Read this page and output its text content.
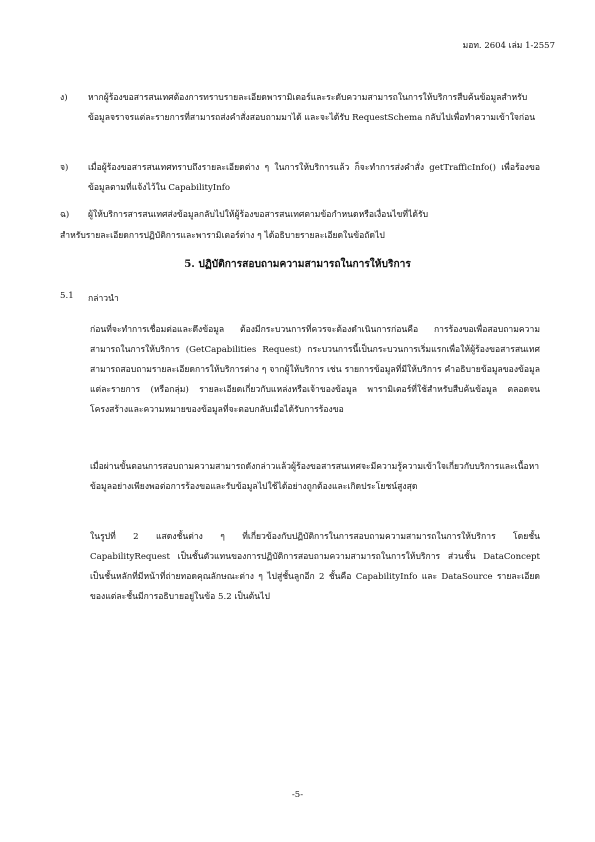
มอท. 2604 เล่ม 1-2557
ง)	หากผู้ร้องขอสารสนเทศต้องการทราบรายละเอียดพารามิเตอร์และระดับความสามารถในการให้บริการสืบค้นข้อมูลสำหรับข้อมูลจราจรแต่ละรายการที่สามารถส่งคำสั่งสอบถามมาได้ และจะได้รับ RequestSchema กลับไปเพื่อทำความเข้าใจก่อน
จ)	เมื่อผู้ร้องขอสารสนเทศทราบถึงรายละเอียดต่าง ๆ ในการให้บริการแล้ว ก็จะทำการส่งคำสั่ง getTrafficInfo() เพื่อร้องขอข้อมูลตามที่แจ้งไว้ใน CapabilityInfo
ฉ)	ผู้ให้บริการสารสนเทศส่งข้อมูลกลับไปให้ผู้ร้องขอสารสนเทศตามข้อกำหนดหรือเงื่อนไขที่ได้รับ
สำหรับรายละเอียดการปฏิบัติการและพารามิเตอร์ต่าง ๆ ได้อธิบายรายละเอียดในข้อถัดไป
5. ปฏิบัติการสอบถามความสามารถในการให้บริการ
5.1	กล่าวนำ
ก่อนที่จะทำการเชื่อมต่อและดึงข้อมูล ต้องมีกระบวนการที่ควรจะต้องดำเนินการก่อนคือ การร้องขอเพื่อสอบถามความสามารถในการให้บริการ (GetCapabilities Request) กระบวนการนี้เป็นกระบวนการเริ่มแรกเพื่อให้ผู้ร้องขอสารสนเทศสามารถสอบถามรายละเอียดการให้บริการต่าง ๆ จากผู้ให้บริการ เช่น รายการข้อมูลที่มีให้บริการ คำอธิบายข้อมูลของข้อมูลแต่ละรายการ (หรือกลุ่ม) รายละเอียดเกี่ยวกับแหล่งหรือเจ้าของข้อมูล พารามิเตอร์ที่ใช้สำหรับสืบค้นข้อมูล ตลอดจนโครงสร้างและความหมายของข้อมูลที่จะตอบกลับเมื่อได้รับการร้องขอ
เมื่อผ่านขั้นตอนการสอบถามความสามารถดังกล่าวแล้วผู้ร้องขอสารสนเทศจะมีความรู้ความเข้าใจเกี่ยวกับบริการและเนื้อหาข้อมูลอย่างเพียงพอต่อการร้องขอและรับข้อมูลไปใช้ได้อย่างถูกต้องและเกิดประโยชน์สูงสุด
ในรูปที่ 2 แสดงชั้นต่าง ๆ ที่เกี่ยวข้องกับปฏิบัติการในการสอบถามความสามารถในการให้บริการ โดยชั้น CapabilityRequest เป็นชั้นตัวแทนของการปฏิบัติการสอบถามความสามารถในการให้บริการ ส่วนชั้น DataConcept เป็นชั้นหลักที่มีหน้าที่ถ่ายทอดคุณลักษณะต่าง ๆ ไปสู่ชั้นลูกอีก 2 ชั้นคือ CapabilityInfo และ DataSource รายละเอียดของแต่ละชั้นมีการอธิบายอยู่ในข้อ 5.2 เป็นต้นไป
-5-
